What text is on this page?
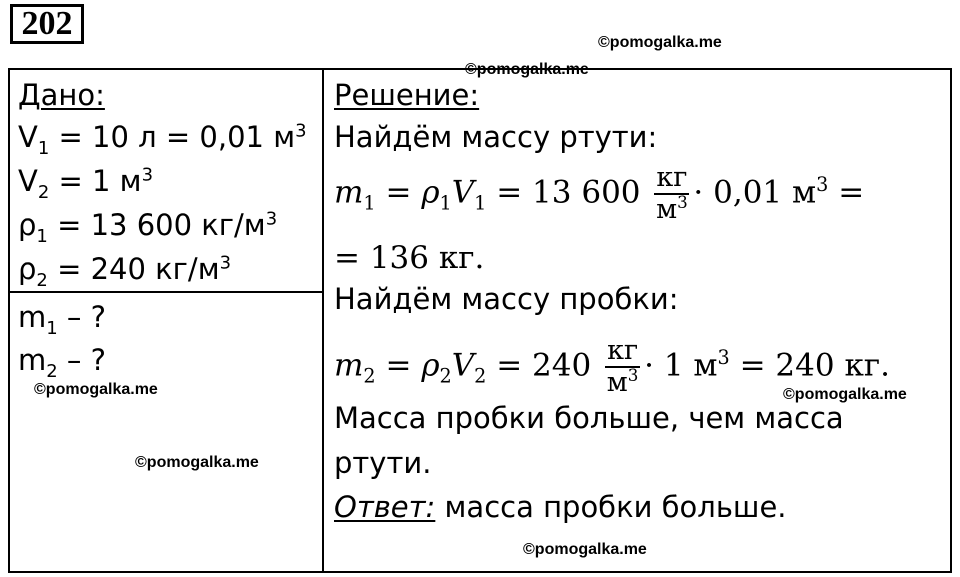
202
©pomogalka.me
©pomogalka.me
©pomogalka.me
©pomogalka.me
©pomogalka.me
©pomogalka.me
Дано:
$V_1 = 10$ л = 0,01 $м^3$
$V_2 = 1$ $м^3$
$\rho_1 = 13$ 600 $кг/м^3$
$\rho_2 = 240$ $кг/м^3$
$m_1$ – ?
$m_2$ – ?
Решение:
Найдём массу ртути:
$m_1 = \rho_1V_1 = 13$ $600 \frac{кг}{м^3} \cdot 0,01$ $м^3$ =
= 136 кг.
Найдём массу пробки:
$m_2 = \rho_2V_2 = 240 \frac{кг}{м^3} \cdot 1$ $м^3 = 240$ кг.
Масса пробки больше, чем масса
ртути.
Ответ: масса пробки больше.
